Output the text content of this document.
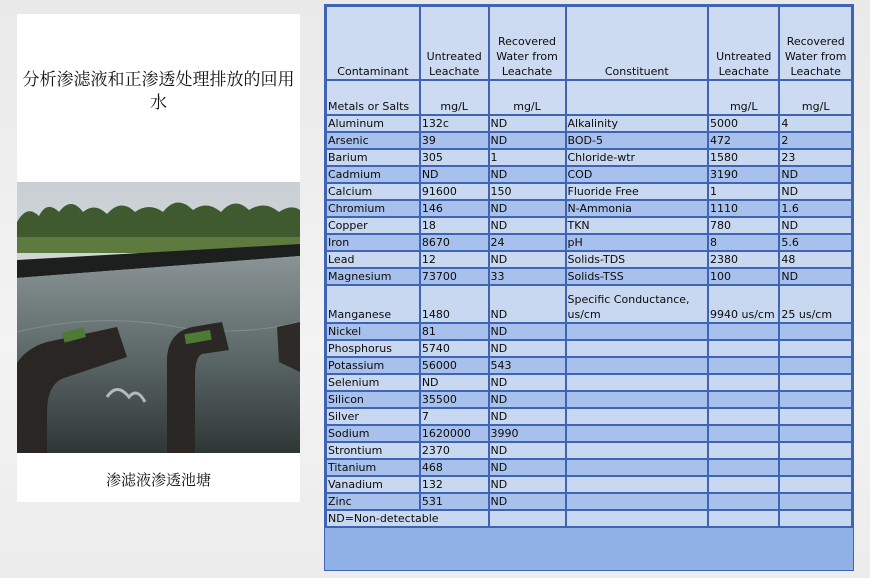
分析渗滤液和正渗透处理排放的回用水
渗滤液渗透池塘
Contaminant	Untreated Leachate	Recovered Water from Leachate	Constituent	Untreated Leachate	Recovered Water from Leachate
Metals or Salts	mg/L	mg/L		mg/L	mg/L
Aluminum	132c	ND	Alkalinity	5000	4
Arsenic	39	ND	BOD-5	472	2
Barium	305	1	Chloride-wtr	1580	23
Cadmium	ND	ND	COD	3190	ND
Calcium	91600	150	Fluoride Free	1	ND
Chromium	146	ND	N-Ammonia	1110	1.6
Copper	18	ND	TKN	780	ND
Iron	8670	24	pH	8	5.6
Lead	12	ND	Solids-TDS	2380	48
Magnesium	73700	33	Solids-TSS	100	ND
Manganese	1480	ND	Specific Conductance, us/cm	9940 us/cm	25 us/cm
Nickel	81	ND			
Phosphorus	5740	ND			
Potassium	56000	543			
Selenium	ND	ND			
Silicon	35500	ND			
Silver	7	ND			
Sodium	1620000	3990			
Strontium	2370	ND			
Titanium	468	ND			
Vanadium	132	ND			
Zinc	531	ND			
ND=Non-detectable					
